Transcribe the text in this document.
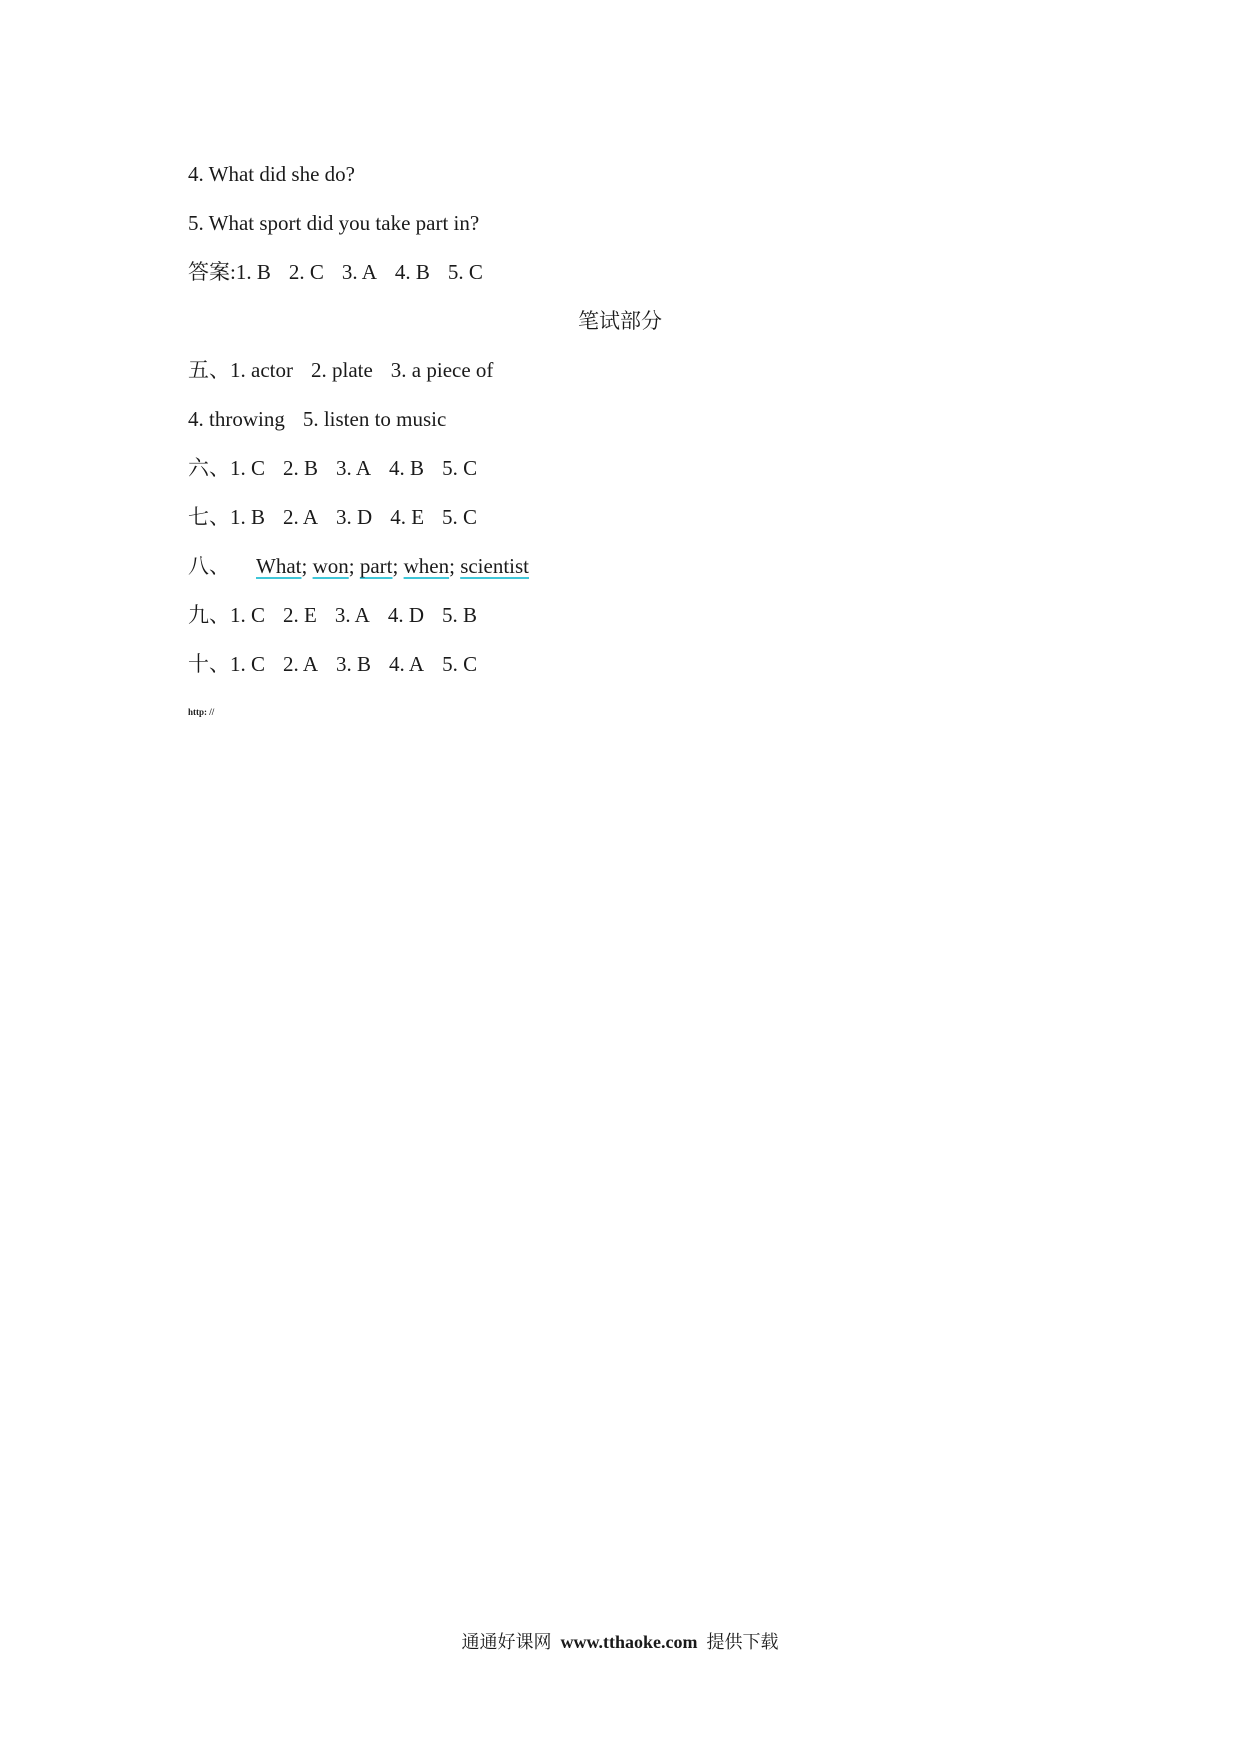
4. What did she do?
5. What sport did you take part in?
答案:1. B 2. C 3. A 4. B 5. C
笔试部分
五、1. actor 2. plate 3. a piece of
4. throwing 5. listen to music
六、1. C 2. B 3. A 4. B 5. C
七、1. B 2. A 3. D 4. E 5. C
八、 What; won; part; when; scientist
九、1. C 2. E 3. A 4. D 5. B
十、1. C 2. A 3. B 4. A 5. C
http: //
通通好课网 www.tthaoke.com 提供下载
